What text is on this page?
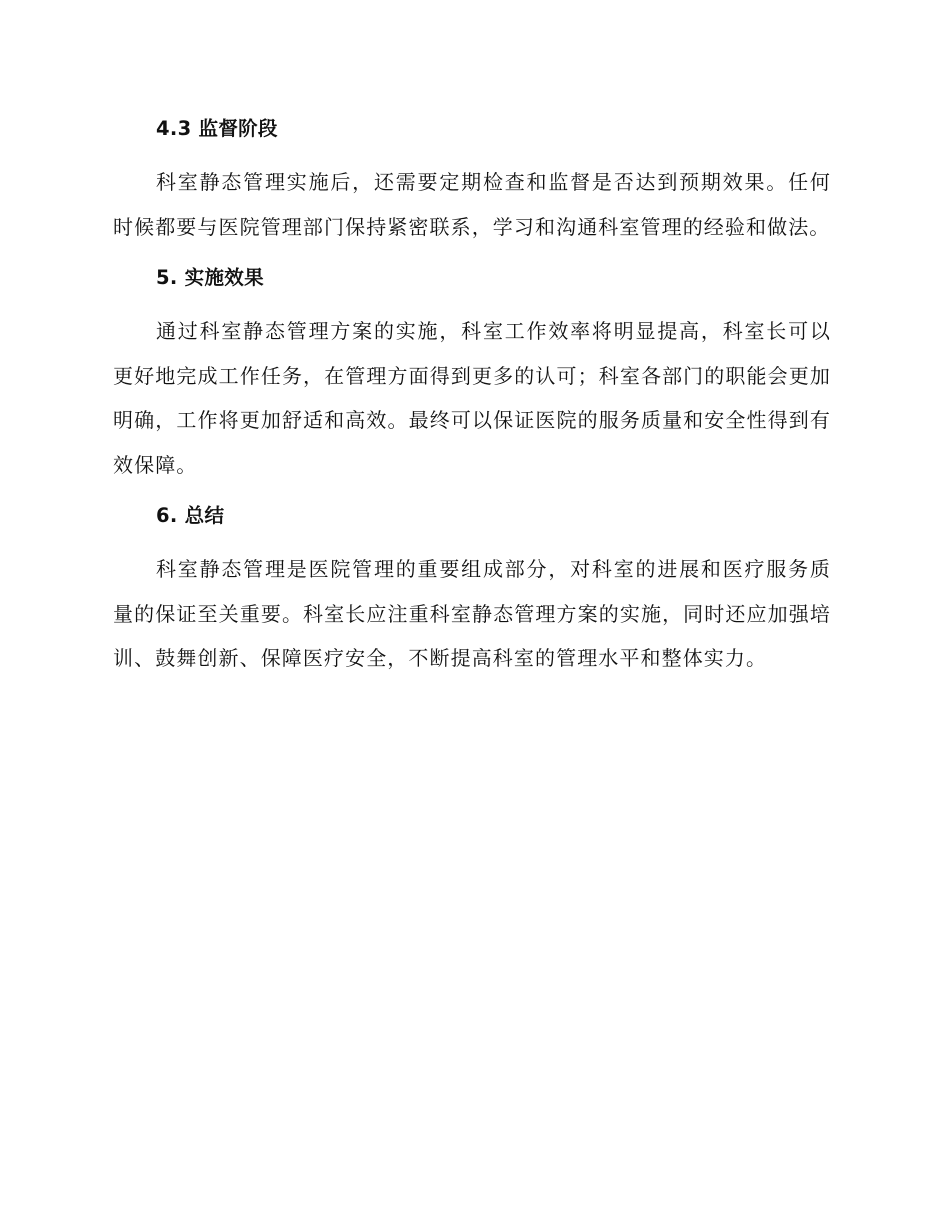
4.3 监督阶段

科室静态管理实施后，还需要定期检查和监督是否达到预期效果。任何时候都要与医院管理部门保持紧密联系，学习和沟通科室管理的经验和做法。

5. 实施效果

通过科室静态管理方案的实施，科室工作效率将明显提高，科室长可以更好地完成工作任务，在管理方面得到更多的认可；科室各部门的职能会更加明确，工作将更加舒适和高效。最终可以保证医院的服务质量和安全性得到有效保障。

6. 总结

科室静态管理是医院管理的重要组成部分，对科室的进展和医疗服务质量的保证至关重要。科室长应注重科室静态管理方案的实施，同时还应加强培训、鼓舞创新、保障医疗安全，不断提高科室的管理水平和整体实力。
